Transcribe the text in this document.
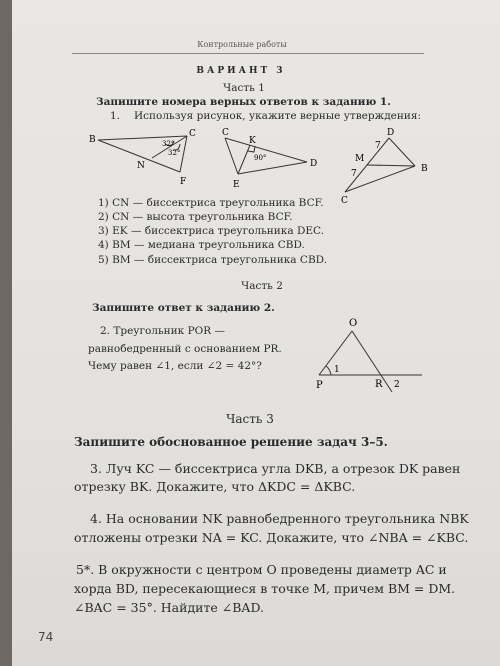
Контрольные работы
ВАРИАНТ 3
Часть 1
Запишите номера верных ответов к заданию 1.
1. Используя рисунок, укажите верные утверждения:
B
C
N
F
32°
32°
C
K
D
E
90°
D
M
B
C
7
7
1) CN — биссектриса треугольника BCF.
2) CN — высота треугольника BCF.
3) EK — биссектриса треугольника DEC.
4) BM — медиана треугольника CBD.
5) BM — биссектриса треугольника CBD.
Часть 2
Запишите ответ к заданию 2.
2. Треугольник POR —
равнобедренный с основанием PR.
Чему равен ∠1, если ∠2 = 42°?
O
P	R
1
2
Часть 3
Запишите обоснованное решение задач 3–5.
3. Луч KC — биссектриса угла DKB, а отрезок DK равен
отрезку BK. Докажите, что ΔKDC = ΔKBC.
4. На основании NK равнобедренного треугольника NBK
отложены отрезки NA = KC. Докажите, что ∠NBA = ∠KBC.
5*. В окружности с центром O проведены диаметр AC и
хорда BD, пересекающиеся в точке M, причем BM = DM.
∠BAC = 35°. Найдите ∠BAD.
74
